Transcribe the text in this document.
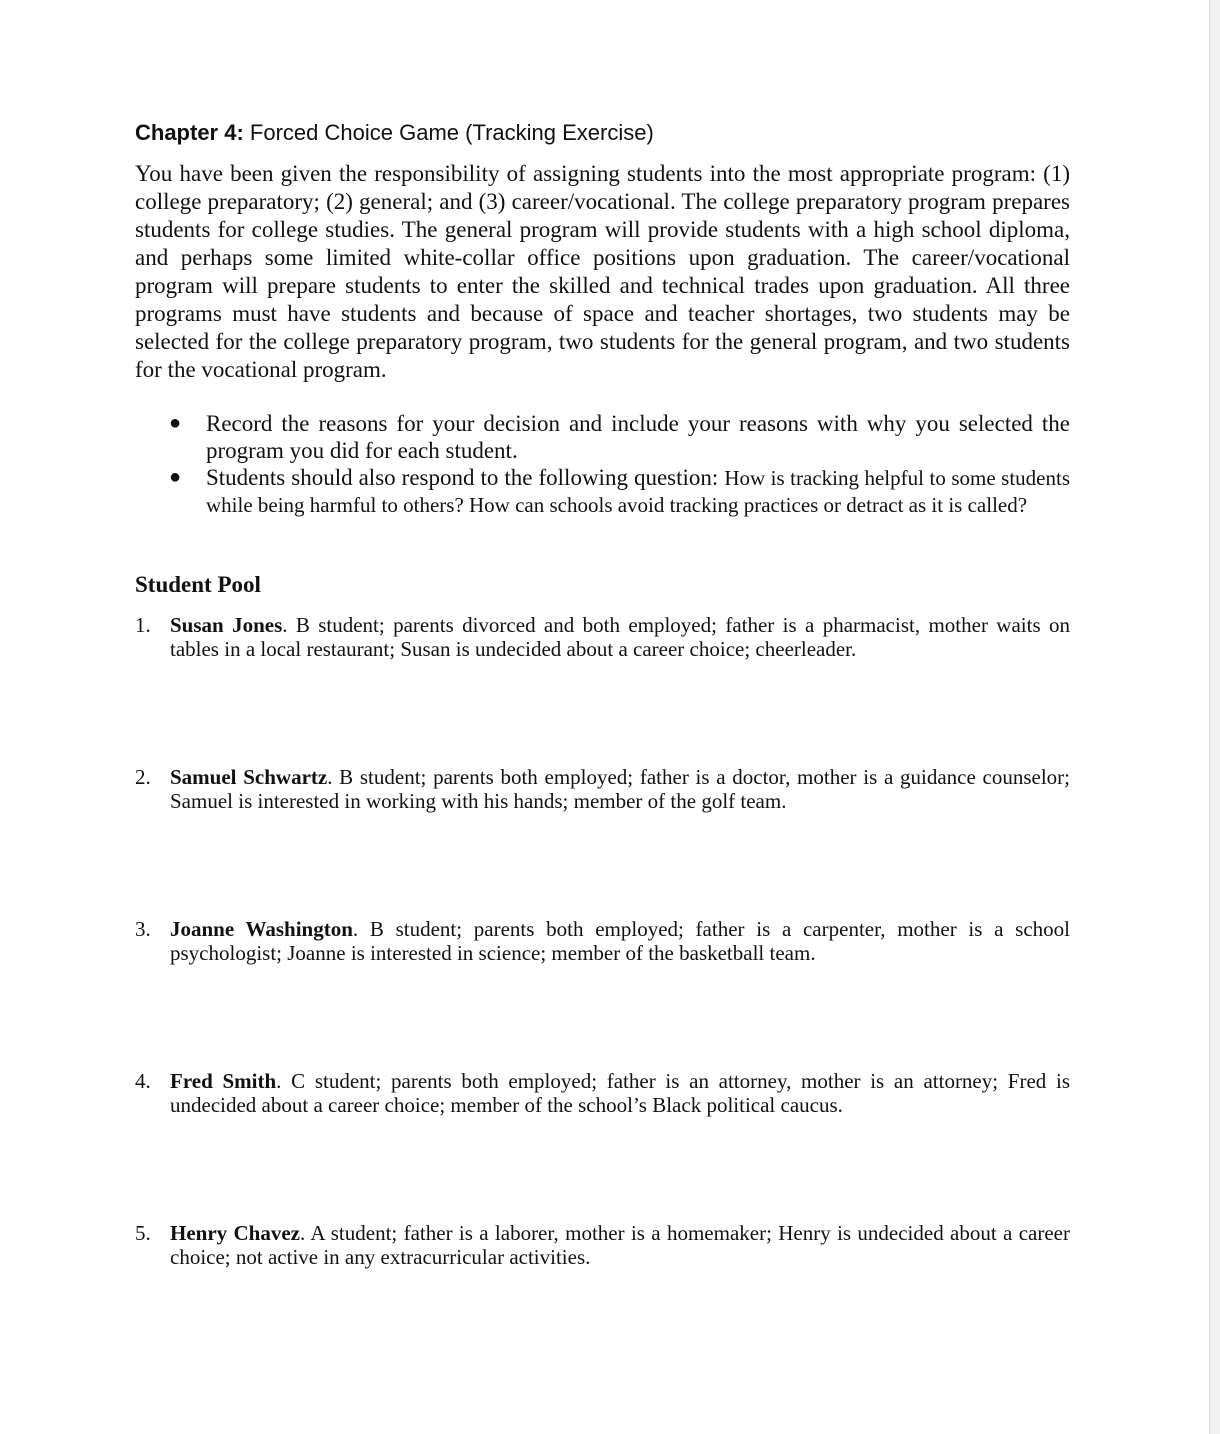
Chapter 4: Forced Choice Game (Tracking Exercise)

You have been given the responsibility of assigning students into the most appropriate program: (1) college preparatory; (2) general; and (3) career/vocational. The college preparatory program prepares students for college studies. The general program will provide students with a high school diploma, and perhaps some limited white-collar office positions upon graduation. The career/vocational program will prepare students to enter the skilled and technical trades upon graduation. All three programs must have students and because of space and teacher shortages, two students may be selected for the college preparatory program, two students for the general program, and two students for the vocational program.

● Record the reasons for your decision and include your reasons with why you selected the program you did for each student.
● Students should also respond to the following question: How is tracking helpful to some students while being harmful to others? How can schools avoid tracking practices or detract as it is called?
Student Pool
1. Susan Jones. B student; parents divorced and both employed; father is a pharmacist, mother waits on tables in a local restaurant; Susan is undecided about a career choice; cheerleader.
2. Samuel Schwartz. B student; parents both employed; father is a doctor, mother is a guidance counselor; Samuel is interested in working with his hands; member of the golf team.
3. Joanne Washington. B student; parents both employed; father is a carpenter, mother is a school psychologist; Joanne is interested in science; member of the basketball team.
4. Fred Smith. C student; parents both employed; father is an attorney, mother is an attorney; Fred is undecided about a career choice; member of the school’s Black political caucus.
5. Henry Chavez. A student; father is a laborer, mother is a homemaker; Henry is undecided about a career choice; not active in any extracurricular activities.
